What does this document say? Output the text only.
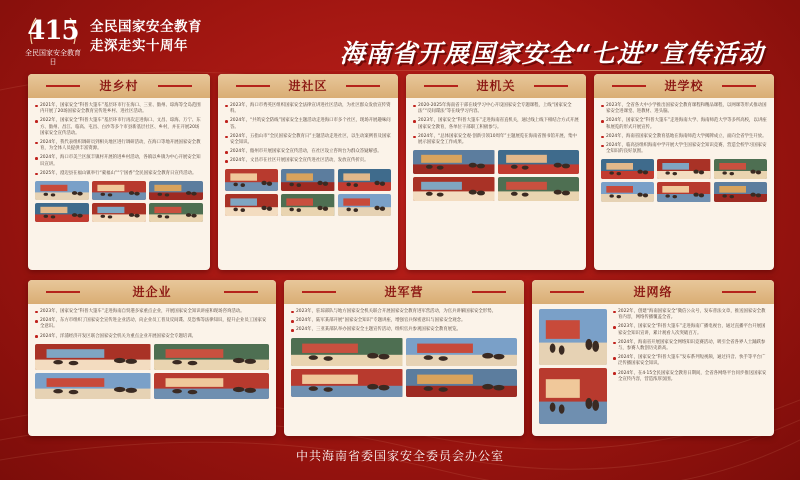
415
全民国家安全教育日
全民国家安全教育
走深走实十周年	海南省开展国家安全“七进”宣传活动
进乡村
2021年，国家安全“科普大篷车”基层环市行在海口、三亚、儋州、琼海等全岛范围内开展了20场国家安全教育宣传进乡村、进社区活动。
2022年，国家安全“科普大篷车”基层环市行再次走进海口、文昌、琼海、万宁、东方、儋州、昌江、临高、屯昌、白沙等多个市县新基层社区、乡村，并在开展20场国家安全宣传活动。
2024年，我代表组织调研员到相关地区进行调研活动，在海口等地开展国家安全教育，为全体人员提供丰富资源。
2024年，海口市美兰区演丰镇村开展的进乡村活动，各镇以乡镇为中心开展安全知识宣讲。
2025年，澄迈县在福山镇举行“蒙福山”“宁国香”全民国家安全教育日宣传活动。
进社区
2023年，海口市秀英区组织国家安全法律宣讲进社区活动，为社区群众发放宣传资料。
2024年，“共筑安全防线”国家安全主题活动走进海口市多个社区，现场开展趣味问答。
2024年，五指山市“全民国家安全教育日”主题活动走进社区，以生动案例普及国家安全知识。
2024年，儋州市开展国家安全宣传活动，在社区设立咨询台为群众答疑解惑。
2024年，文昌市在社区开展国家安全宣传进社区活动，发放宣传折页。
进机关
2020-2025年海南省干部在线学习中心开设国家安全专题课程，上线“国家安全法”“反间谍法”等在线学习内容。
2023年，国家安全“科普大篷车”走进海南省直机关，通过线上线下相结合方式开展国家安全教育，各单位干部职工积极参与。
2024年，“总体国家安全观·创新引领10周年”主题展览在海南省图书馆开展，集中展示国家安全工作成果。
进学校
2023年，全省各大中小学推出国家安全教育课程和精品课程，以网课等形式推动国家安全进课堂、进教材、进头脑。
2024年，国家安全“科普大篷车”走进海南大学、海南师范大学等多所高校，以讲座和展览的形式开展宣传。
2024年，海南省国家安全教育基地在海南师范大学揭牌成立，面向全省学生开放。
2024年，临高县组织海南中学开展大学生国家安全知识竞赛，营造全校学习国家安全知识的良好氛围。
进企业
2023年，国家安全“科普大篷车”走进海南自贸港多家重点企业，开展国家安全知识讲座和现场咨询活动。
2024年，东方市组织了国家安全宣传进企业活动，向企业员工普及反间谍、反恐怖等法律知识，提升企业员工国家安全意识。
2024年，洋浦经济开发区联合国家安全机关为重点企业开展国家安全专题培训。
进军营
2023年，驻琼部队与地方国家安全机关联合开展国家安全教育进军营活动，为官兵讲解国家安全形势。
2024年，陆军某部开展“国家安全知识”专题讲座，增强官兵保密意识与国家安全观念。
2024年，三亚某部队举办国家安全主题宣传活动，组织官兵参观国家安全教育展览。
进网络
2022年，创建“海南国家安全”微信公众号，发布普法文章，推送国家安全教育内容，网络传播覆盖全省。
2023年，国家安全“科普大篷车”走进海南广播电视台，通过直播平台开展国家安全知识宣讲，累计观看人次突破百万。
2024年，海南省开展国家安全网络知识竞赛活动，吸引全省各界人士踊跃参与，参赛人数创历史新高。
2024年，国家安全“科普大篷车”发布系列短视频，通过抖音、快手等平台广泛传播国家安全知识。
2024年，在4·15全民国家安全教育日期间，全省各网络平台同步推送国家安全宣传内容，营造浓厚氛围。
中共海南省委国家安全委员会办公室
